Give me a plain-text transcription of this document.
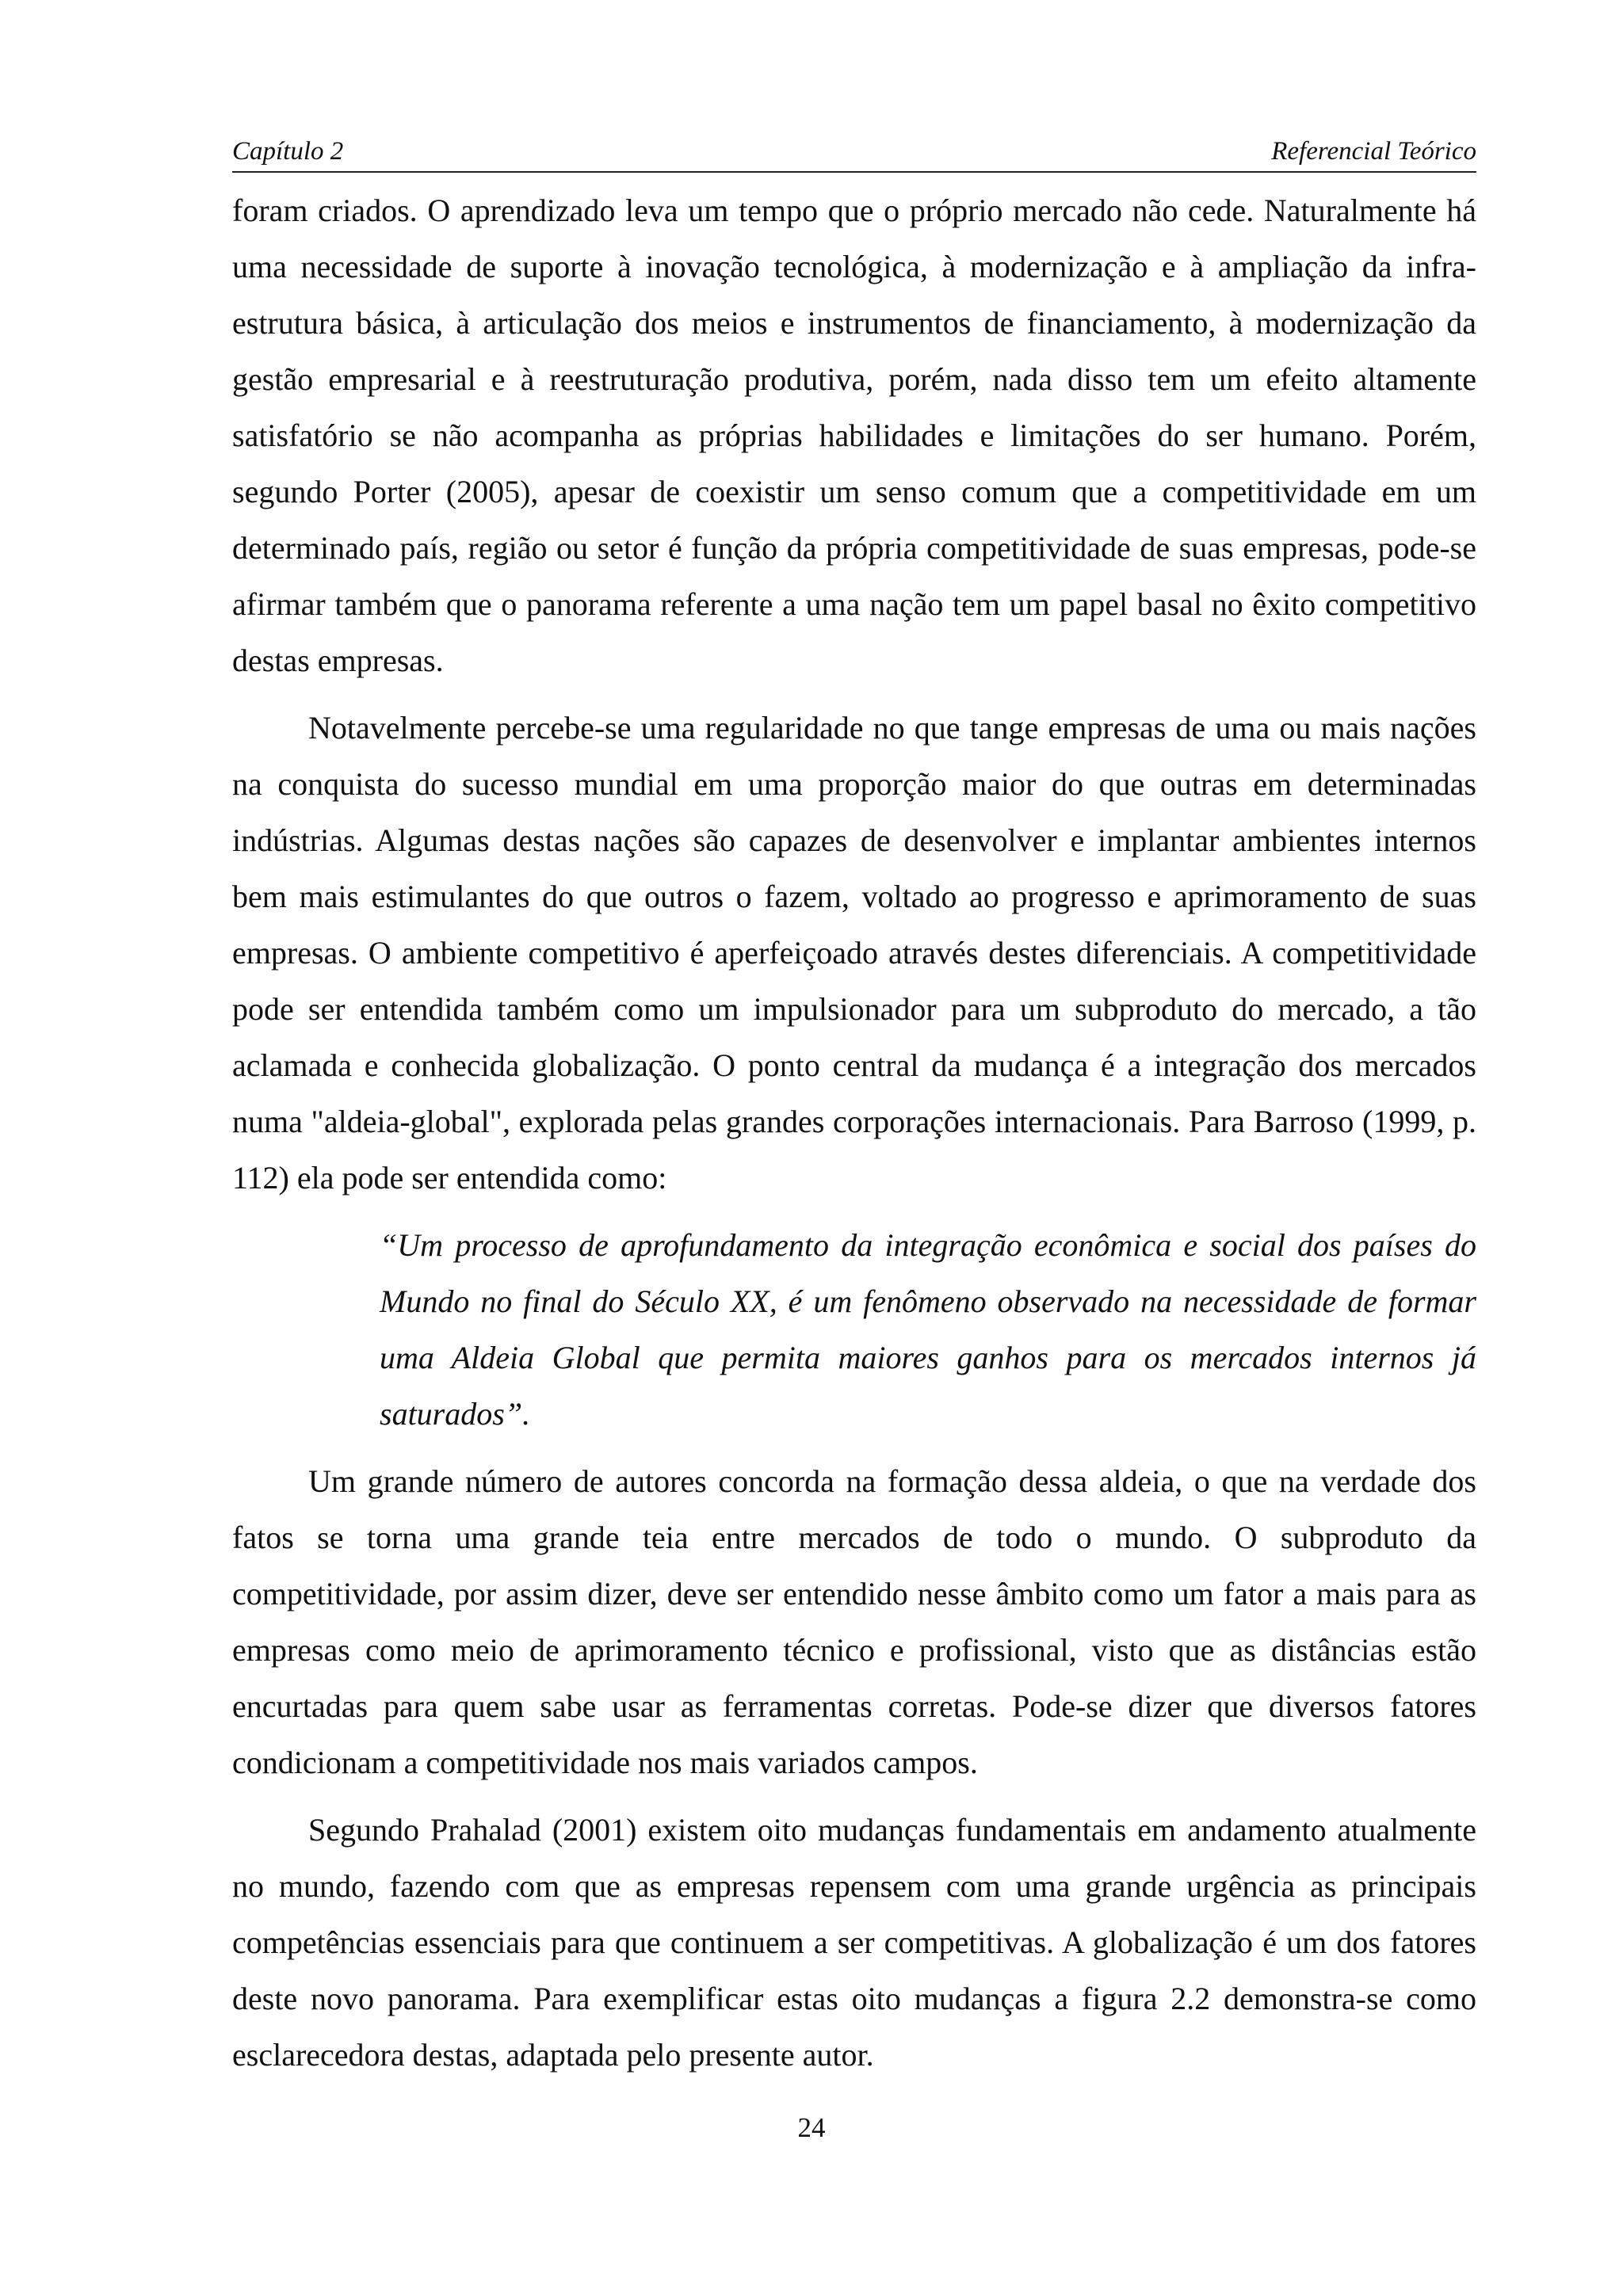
Capítulo 2	Referencial Teórico

foram criados. O aprendizado leva um tempo que o próprio mercado não cede. Naturalmente há uma necessidade de suporte à inovação tecnológica, à modernização e à ampliação da infra-estrutura básica, à articulação dos meios e instrumentos de financiamento, à modernização da gestão empresarial e à reestruturação produtiva, porém, nada disso tem um efeito altamente satisfatório se não acompanha as próprias habilidades e limitações do ser humano. Porém, segundo Porter (2005), apesar de coexistir um senso comum que a competitividade em um determinado país, região ou setor é função da própria competitividade de suas empresas, pode-se afirmar também que o panorama referente a uma nação tem um papel basal no êxito competitivo destas empresas.

Notavelmente percebe-se uma regularidade no que tange empresas de uma ou mais nações na conquista do sucesso mundial em uma proporção maior do que outras em determinadas indústrias. Algumas destas nações são capazes de desenvolver e implantar ambientes internos bem mais estimulantes do que outros o fazem, voltado ao progresso e aprimoramento de suas empresas. O ambiente competitivo é aperfeiçoado através destes diferenciais. A competitividade pode ser entendida também como um impulsionador para um subproduto do mercado, a tão aclamada e conhecida globalização. O ponto central da mudança é a integração dos mercados numa "aldeia-global", explorada pelas grandes corporações internacionais. Para Barroso (1999, p. 112) ela pode ser entendida como:

“Um processo de aprofundamento da integração econômica e social dos países do Mundo no final do Século XX, é um fenômeno observado na necessidade de formar uma Aldeia Global que permita maiores ganhos para os mercados internos já saturados”.

Um grande número de autores concorda na formação dessa aldeia, o que na verdade dos fatos se torna uma grande teia entre mercados de todo o mundo. O subproduto da competitividade, por assim dizer, deve ser entendido nesse âmbito como um fator a mais para as empresas como meio de aprimoramento técnico e profissional, visto que as distâncias estão encurtadas para quem sabe usar as ferramentas corretas. Pode-se dizer que diversos fatores condicionam a competitividade nos mais variados campos.

Segundo Prahalad (2001) existem oito mudanças fundamentais em andamento atualmente no mundo, fazendo com que as empresas repensem com uma grande urgência as principais competências essenciais para que continuem a ser competitivas. A globalização é um dos fatores deste novo panorama. Para exemplificar estas oito mudanças a figura 2.2 demonstra-se como esclarecedora destas, adaptada pelo presente autor.

24
